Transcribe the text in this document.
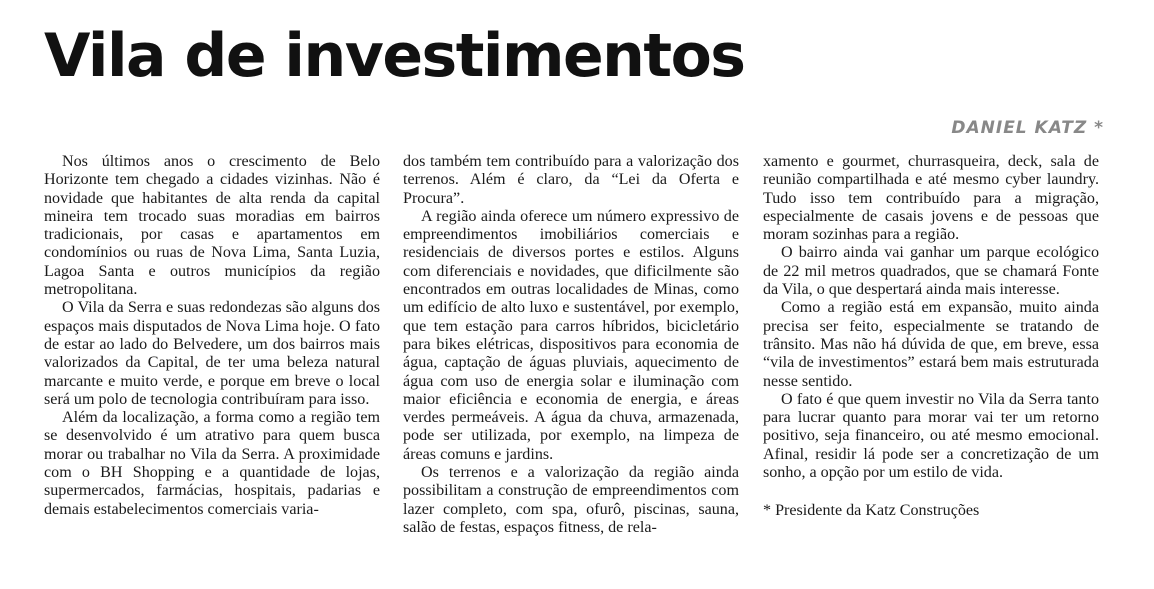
Vila de investimentos
DANIEL KATZ *

Nos últimos anos o crescimento de Belo Horizonte tem chegado a cidades vizinhas. Não é novidade que habitantes de alta renda da capital mineira tem trocado suas moradias em bairros tradicionais, por casas e apartamentos em condomínios ou ruas de Nova Lima, Santa Luzia, Lagoa Santa e outros municípios da região metropolitana.

O Vila da Serra e suas redondezas são alguns dos espaços mais disputados de Nova Lima hoje. O fato de estar ao lado do Belvedere, um dos bairros mais valorizados da Capital, de ter uma beleza natural marcante e muito verde, e porque em breve o local será um polo de tecnologia contribuíram para isso.

Além da localização, a forma como a região tem se desenvolvido é um atrativo para quem busca morar ou trabalhar no Vila da Serra. A proximidade com o BH Shopping e a quantidade de lojas, supermercados, farmácias, hospitais, padarias e demais estabelecimentos comerciais varia-

dos também tem contribuído para a valorização dos terrenos. Além é claro, da “Lei da Oferta e Procura”.

A região ainda oferece um número expressivo de empreendimentos imobiliários comerciais e residenciais de diversos portes e estilos. Alguns com diferenciais e novidades, que dificilmente são encontrados em outras localidades de Minas, como um edifício de alto luxo e sustentável, por exemplo, que tem estação para carros híbridos, bicicletário para bikes elétricas, dispositivos para economia de água, captação de águas pluviais, aquecimento de água com uso de energia solar e iluminação com maior eficiência e economia de energia, e áreas verdes permeáveis. A água da chuva, armazenada, pode ser utilizada, por exemplo, na limpeza de áreas comuns e jardins.

Os terrenos e a valorização da região ainda possibilitam a construção de empreendimentos com lazer completo, com spa, ofurô, piscinas, sauna, salão de festas, espaços fitness, de rela-

xamento e gourmet, churrasqueira, deck, sala de reunião compartilhada e até mesmo cyber laundry. Tudo isso tem contribuído para a migração, especialmente de casais jovens e de pessoas que moram sozinhas para a região.

O bairro ainda vai ganhar um parque ecológico de 22 mil metros quadrados, que se chamará Fonte da Vila, o que despertará ainda mais interesse.

Como a região está em expansão, muito ainda precisa ser feito, especialmente se tratando de trânsito. Mas não há dúvida de que, em breve, essa “vila de investimentos” estará bem mais estruturada nesse sentido.

O fato é que quem investir no Vila da Serra tanto para lucrar quanto para morar vai ter um retorno positivo, seja financeiro, ou até mesmo emocional. Afinal, residir lá pode ser a concretização de um sonho, a opção por um estilo de vida.

* Presidente da Katz Construções
